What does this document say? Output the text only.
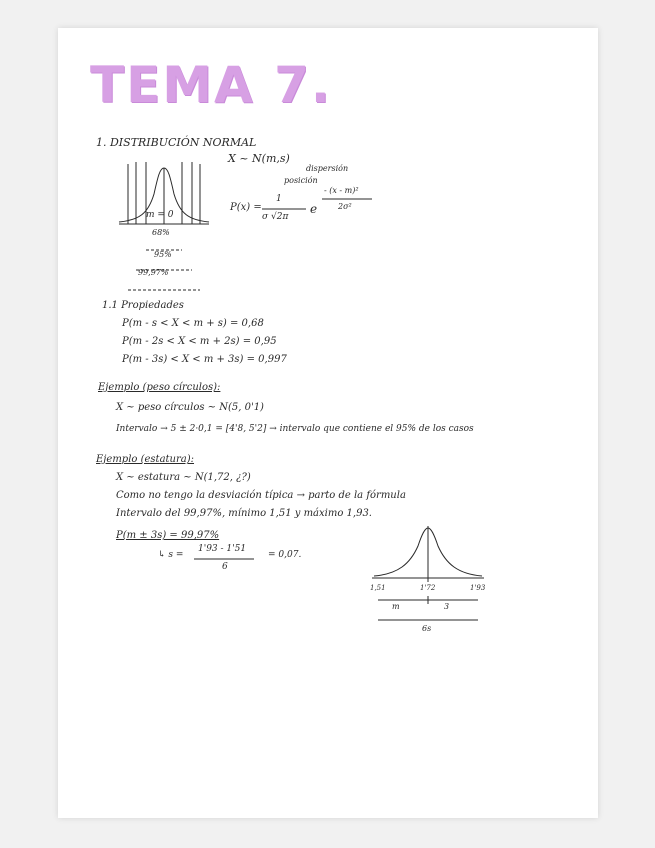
TEMA 7.
1. DISTRIBUCIÓN NORMAL
m = 0
68%
95%
99,97%
X ~ N(m,s)
dispersión
posición
P(x) =
1
σ √2π
e
- (x - m)²
2σ²
1.1 Propiedades
P(m - s < X < m + s) = 0,68
P(m - 2s < X < m + 2s) = 0,95
P(m - 3s) < X < m + 3s) = 0,997
Ejemplo (peso círculos):
X ~ peso círculos ~ N(5, 0'1)
Intervalo → 5 ± 2·0,1 = [4'8, 5'2] → intervalo que contiene el 95% de los casos
Ejemplo (estatura):
X ~ estatura ~ N(1,72, ¿?)
Como no tengo la desviación típica → parto de la fórmula
Intervalo del 99,97%, mínimo 1,51 y máximo 1,93.
P(m ± 3s) = 99,97%
↳ s =
1'93 - 1'51
6
= 0,07.
1,51	1'72	1'93
m	3
6s
